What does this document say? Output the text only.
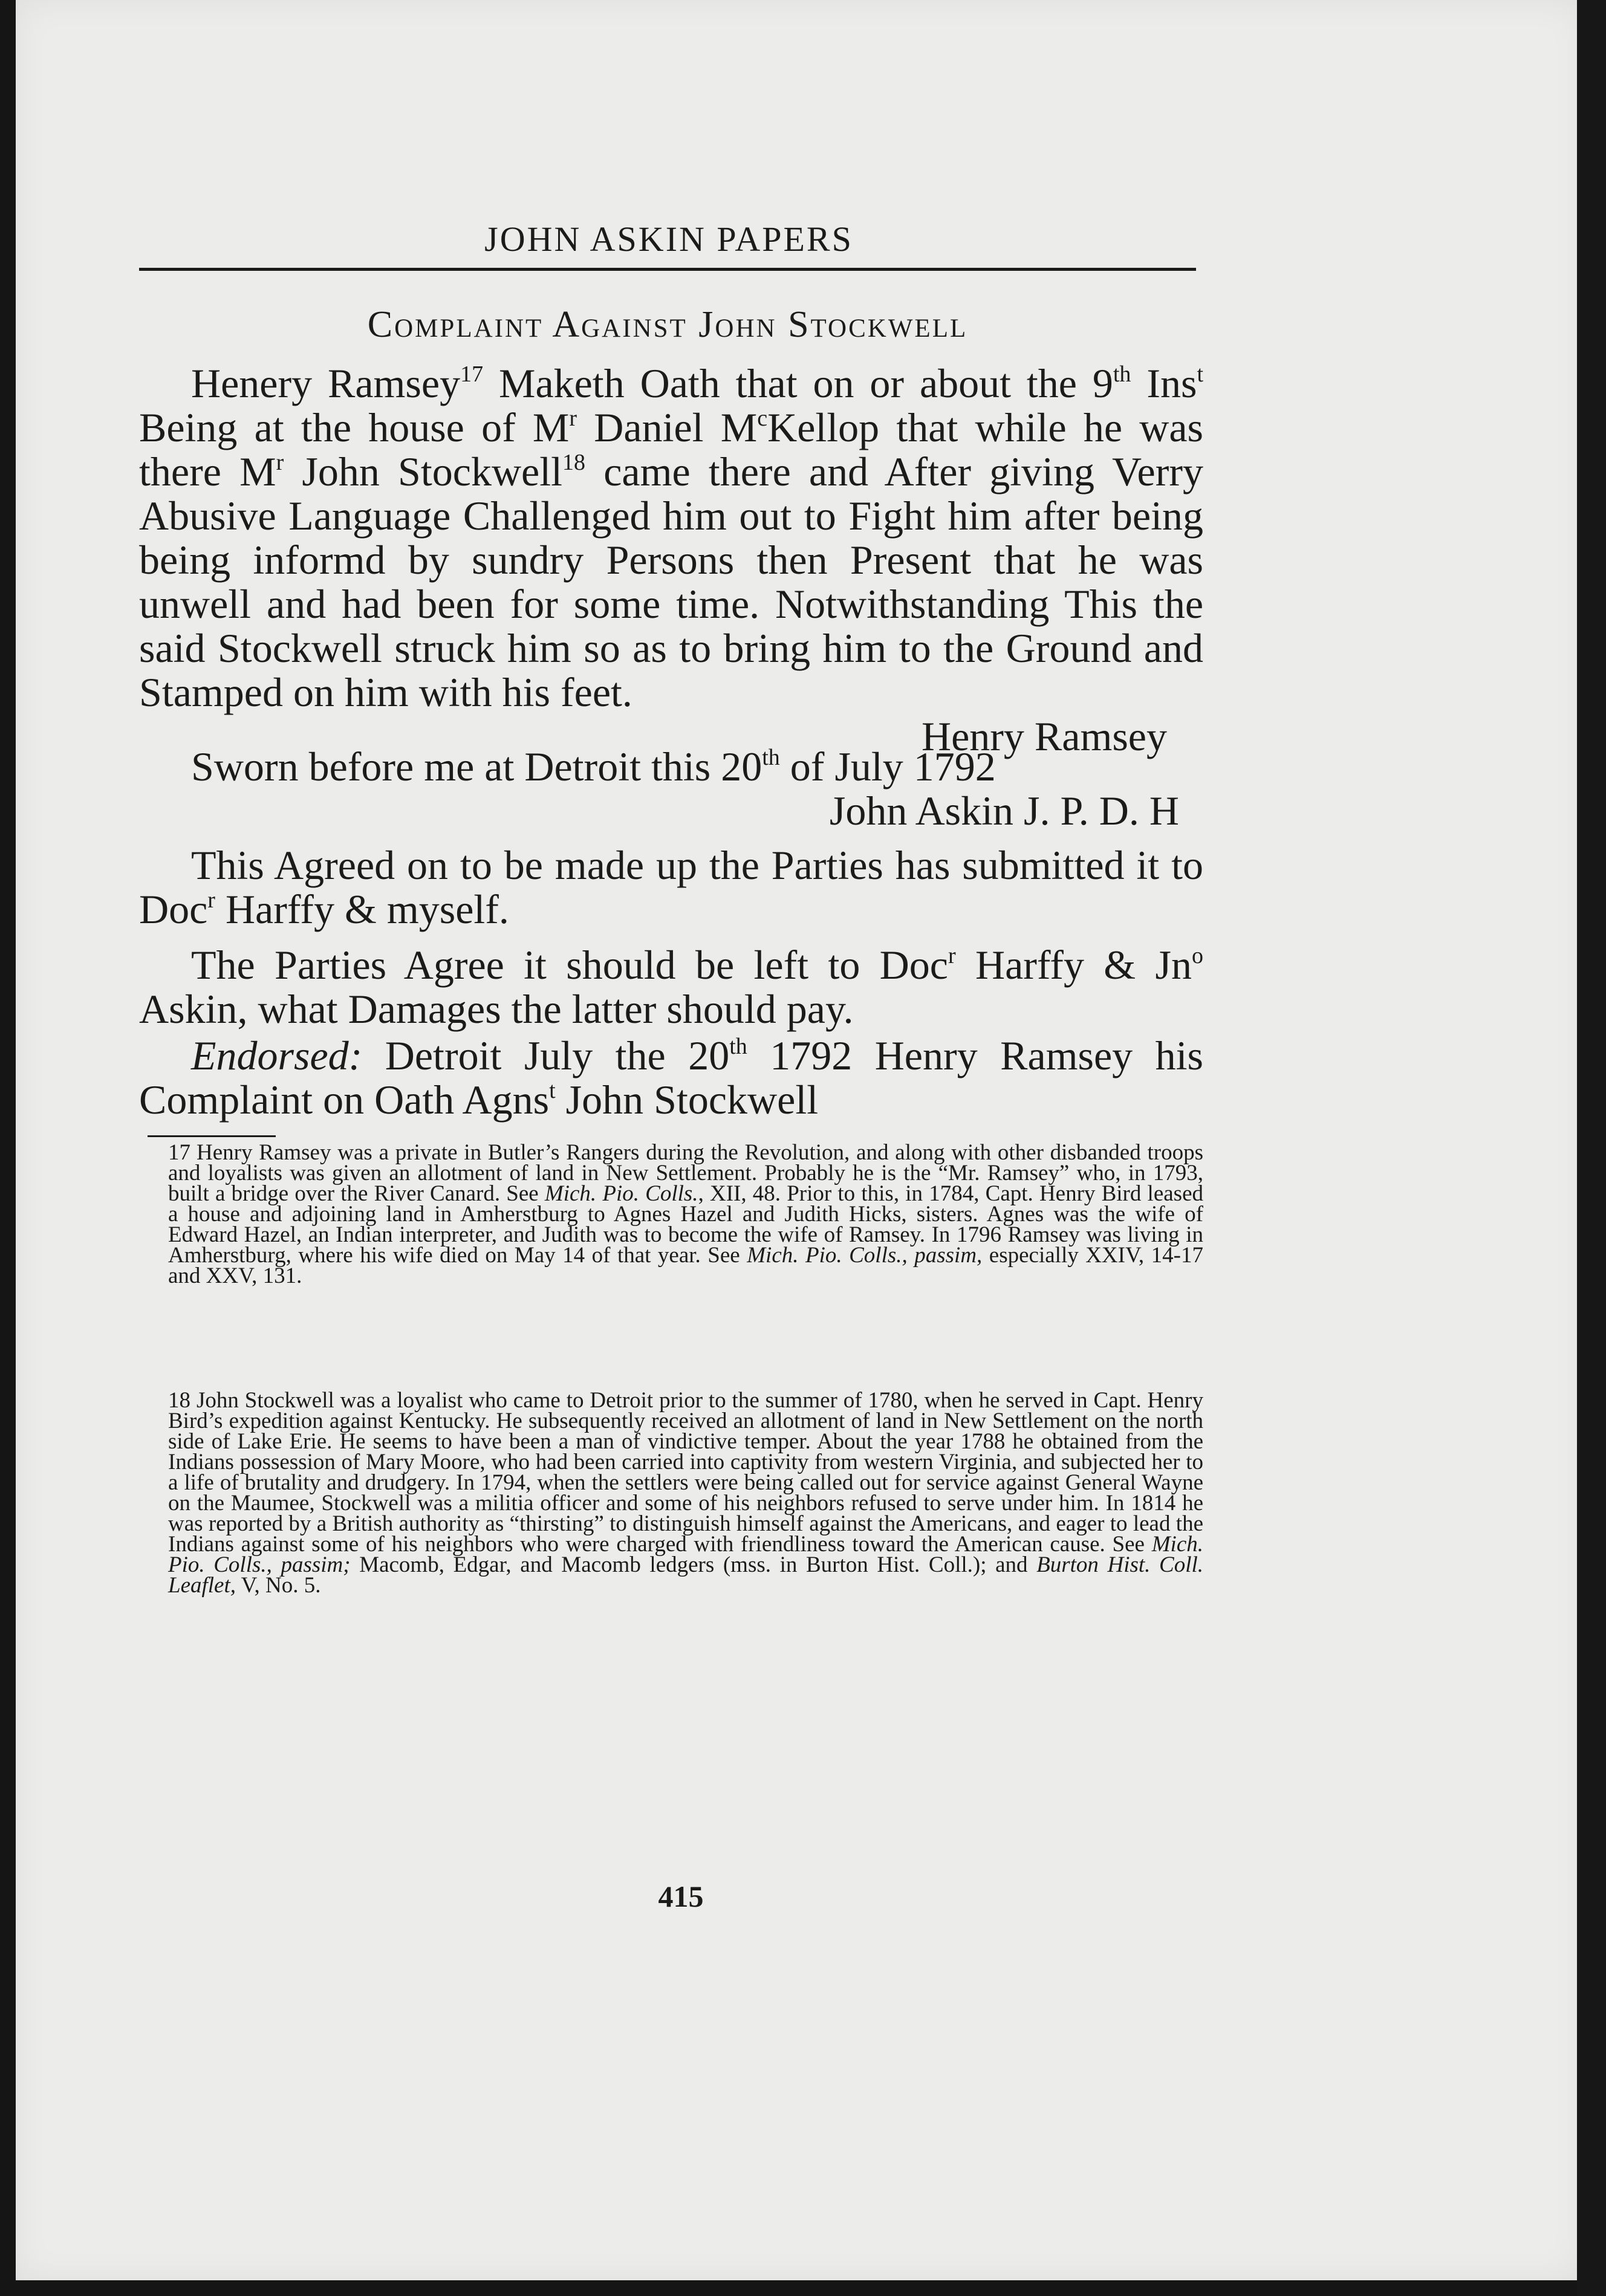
JOHN ASKIN PAPERS
Complaint Against John Stockwell

Henery Ramsey$^{17}$ Maketh Oath that on or about the 9th Ins$^t$ Being at the house of $M^r$ Daniel $M^cKellop$ that while he was there $M^r$ John Stockwell$^{18}$ came there and After giving Verry Abusive Language Challenged him out to Fight him after being being informd by sundry Persons then Present that he was unwell and had been for some time. Notwithstanding This the said Stockwell struck him so as to bring him to the Ground and Stamped on him with his feet.

Henry Ramsey

Sworn before me at Detroit this 20th of July 1792

John Askin J. P. D. H

This Agreed on to be made up the Parties has submitted it to Doc$^r$ Harffy & myself.

The Parties Agree it should be left to Doc$^r$ Harffy & Jn$^o$ Askin, what Damages the latter should pay.

Endorsed: Detroit July the 20th 1792 Henry Ramsey his Complaint on Oath Agns$^t$ John Stockwell

17 Henry Ramsey was a private in Butler’s Rangers during the Revolution, and along with other disbanded troops and loyalists was given an allotment of land in New Settlement. Probably he is the “Mr. Ramsey” who, in 1793, built a bridge over the River Canard. See Mich. Pio. Colls., XII, 48. Prior to this, in 1784, Capt. Henry Bird leased a house and adjoining land in Amherstburg to Agnes Hazel and Judith Hicks, sisters. Agnes was the wife of Edward Hazel, an Indian interpreter, and Judith was to become the wife of Ramsey. In 1796 Ramsey was living in Amherstburg, where his wife died on May 14 of that year. See Mich. Pio. Colls., passim, especially XXIV, 14-17 and XXV, 131.

18 John Stockwell was a loyalist who came to Detroit prior to the summer of 1780, when he served in Capt. Henry Bird’s expedition against Kentucky. He subsequently received an allotment of land in New Settlement on the north side of Lake Erie. He seems to have been a man of vindictive temper. About the year 1788 he obtained from the Indians possession of Mary Moore, who had been carried into captivity from western Virginia, and subjected her to a life of brutality and drudgery. In 1794, when the settlers were being called out for service against General Wayne on the Maumee, Stockwell was a militia officer and some of his neighbors refused to serve under him. In 1814 he was reported by a British authority as “thirsting” to distinguish himself against the Americans, and eager to lead the Indians against some of his neighbors who were charged with friendliness toward the American cause. See Mich. Pio. Colls., passim; Macomb, Edgar, and Macomb ledgers (mss. in Burton Hist. Coll.); and Burton Hist. Coll. Leaflet, V, No. 5.

415
